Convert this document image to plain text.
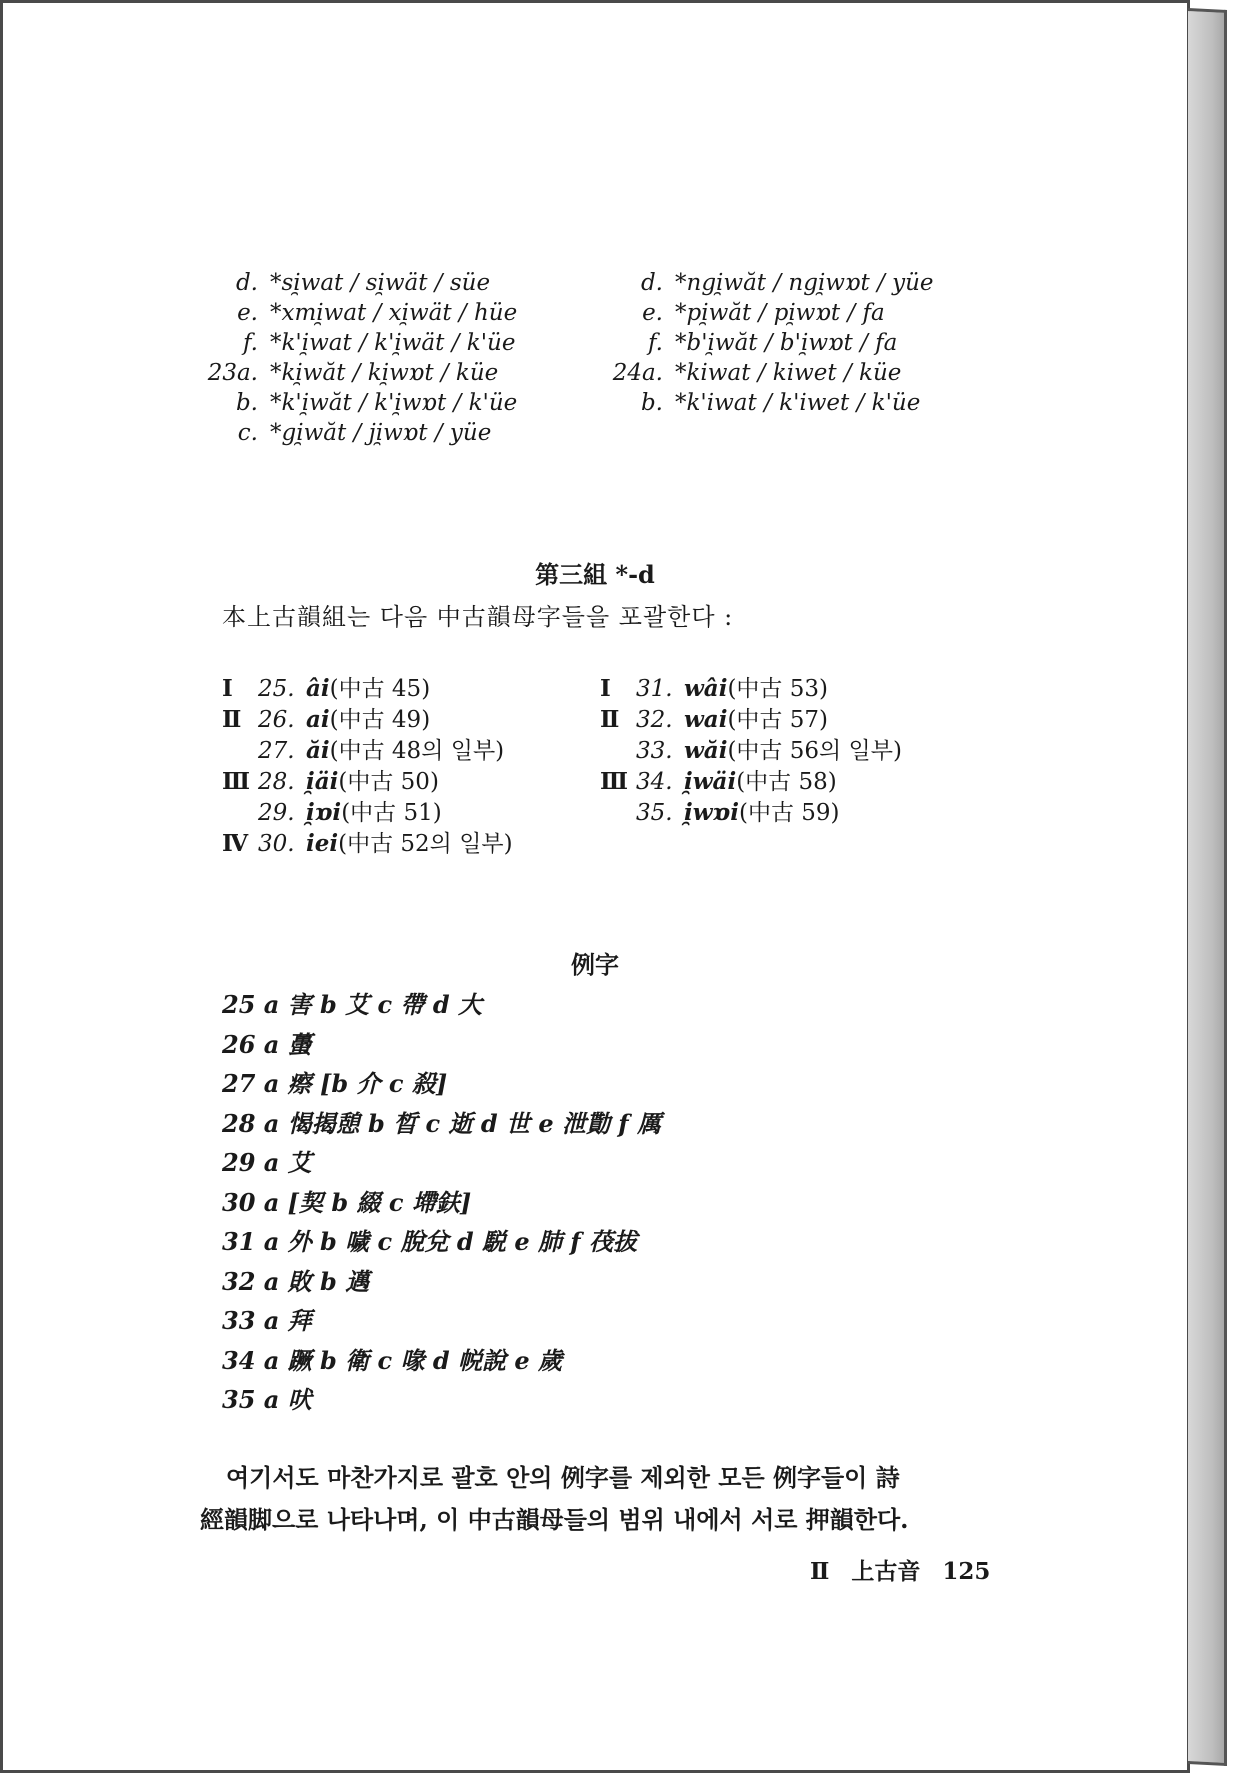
d. *si̯wat / si̯wät / süe
e. *xmi̯wat / xi̯wät / hüe
f. *k'i̯wat / k'i̯wät / k'üe
23a. *ki̯wăt / ki̯wɒt / küe
b. *k'i̯wăt / k'i̯wɒt / k'üe
c. *gi̯wăt / ji̯wɒt / yüe
d. *ngi̯wăt / ngi̯wɒt / yüe
e. *pi̯wăt / pi̯wɒt / fa
f. *b'i̯wăt / b'i̯wɒt / fa
24a. *kiwat / kiwet / küe
b. *k'iwat / k'iwet / k'üe
第三組 *-d
本上古韻組는 다음 中古韻母字들을 포괄한다 :
Ⅰ	25. âi(中古 45)
Ⅱ 26. ai(中古 49)
27. ăi(中古 48의 일부)
Ⅲ 28. i̯äi(中古 50)
29. i̯ɒi(中古 51)
Ⅳ 30. iei(中古 52의 일부)
Ⅰ	31. wâi(中古 53)
Ⅱ 32. wai(中古 57)
33. wăi(中古 56의 일부)
Ⅲ 34. i̯wäi(中古 58)
35. i̯wɒi(中古 59)
例字
25 a 害 b 艾 c 帶 d 大
26 a 蠆
27 a 瘵 [b 介 c 殺]
28 a 愒揭憩 b 晳 c 逝 d 世 e 泄勩 f 厲
29 a 艾
30 a [契 b 綴 c 墆鈇]
31 a 外 b 噦 c 脫兌 d 駾 e 肺 f 茷拔
32 a 敗 b 邁
33 a 拜
34 a 蹶 b 衛 c 喙 d 帨說 e 歲
35 a 吠

여기서도 마찬가지로 괄호 안의 例字를 제외한 모든 例字들이 詩

經韻脚으로 나타나며, 이 中古韻母들의 범위 내에서 서로 押韻한다.

Ⅱ 上古音 125
